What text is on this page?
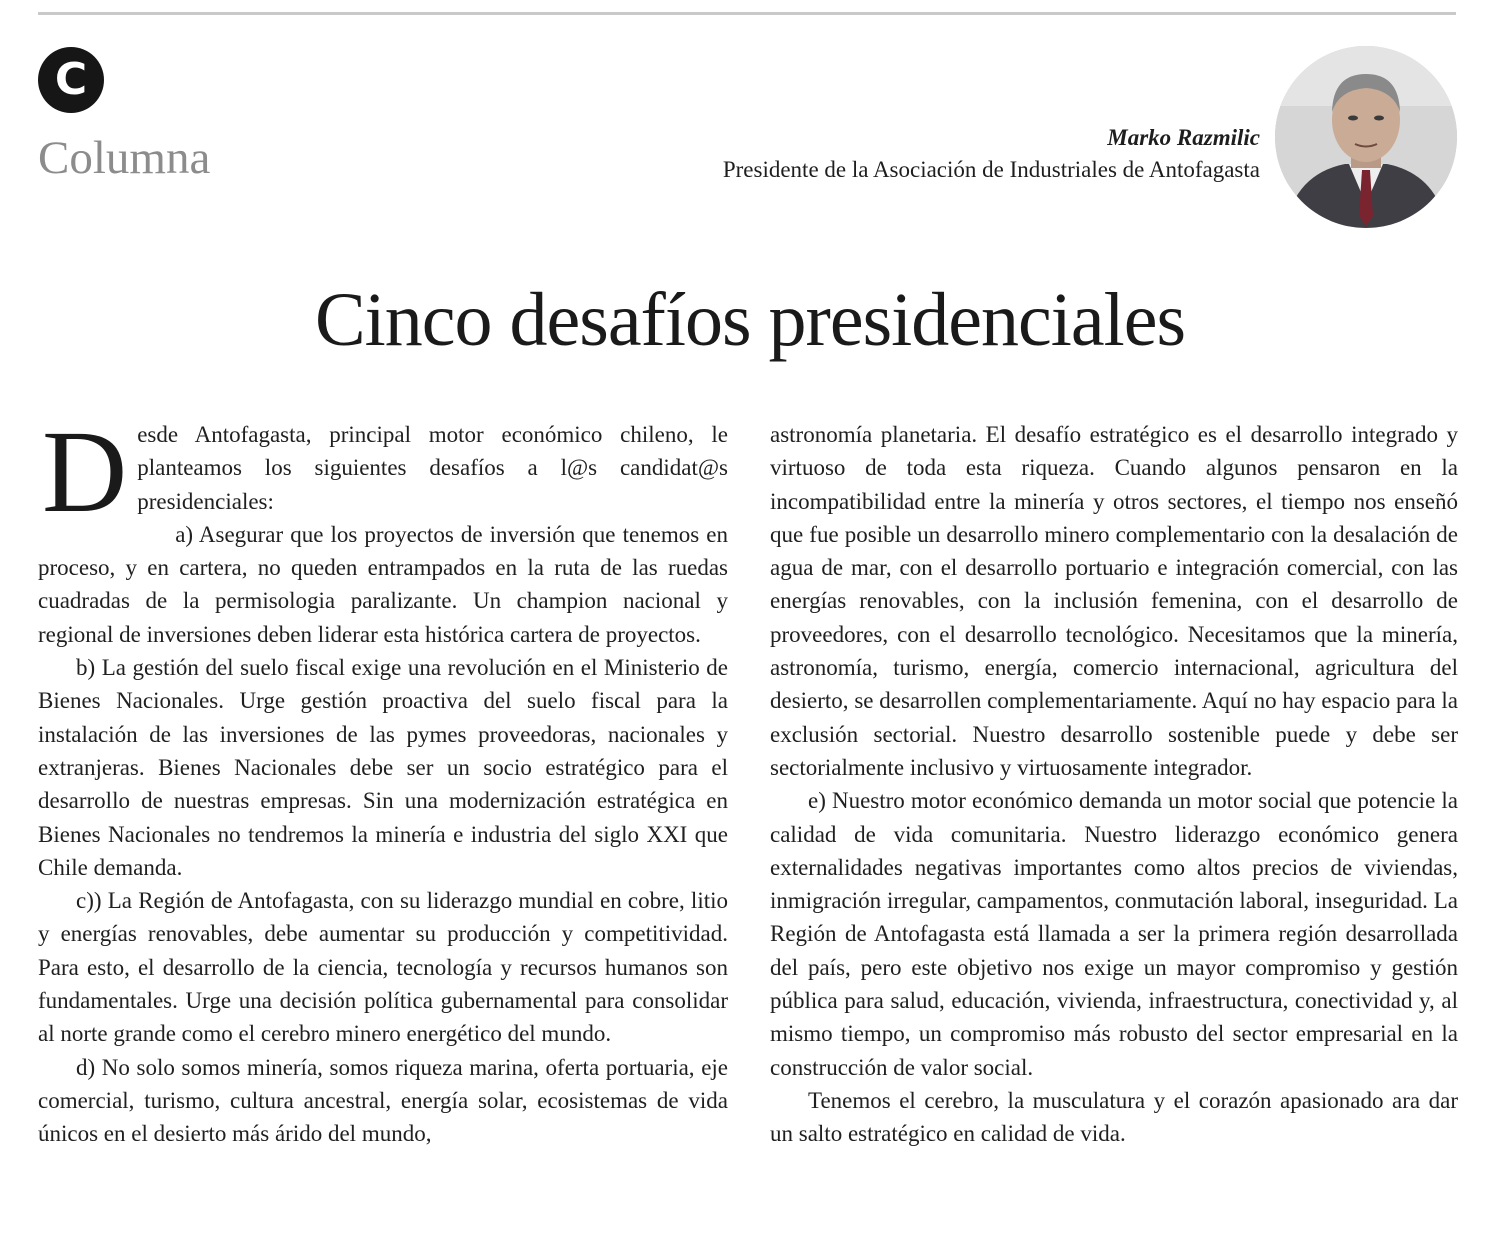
C
Columna	Marko Razmilic
Presidente de la Asociación de Industriales de Antofagasta
Cinco desafíos presidenciales

Desde Antofagasta, principal motor económico chileno, le planteamos los siguientes desafíos a l@s candidat@s presidenciales:

a) Asegurar que los proyectos de inversión que tenemos en proceso, y en cartera, no queden entrampados en la ruta de las ruedas cuadradas de la permisologia paralizante. Un champion nacional y regional de inversiones deben liderar esta histórica cartera de proyectos.

b) La gestión del suelo fiscal exige una revolución en el Ministerio de Bienes Nacionales. Urge gestión proactiva del suelo fiscal para la instalación de las inversiones de las pymes proveedoras, nacionales y extranjeras. Bienes Nacionales debe ser un socio estratégico para el desarrollo de nuestras empresas. Sin una modernización estratégica en Bienes Nacionales no tendremos la minería e industria del siglo XXI que Chile demanda.

c)) La Región de Antofagasta, con su liderazgo mundial en cobre, litio y energías renovables, debe aumentar su producción y competitividad. Para esto, el desarrollo de la ciencia, tecnología y recursos humanos son fundamentales. Urge una decisión política gubernamental para consolidar al norte grande como el cerebro minero energético del mundo.

d) No solo somos minería, somos riqueza marina, oferta portuaria, eje comercial, turismo, cultura ancestral, energía solar, ecosistemas de vida únicos en el desierto más árido del mundo,

astronomía planetaria. El desafío estratégico es el desarrollo integrado y virtuoso de toda esta riqueza. Cuando algunos pensaron en la incompatibilidad entre la minería y otros sectores, el tiempo nos enseñó que fue posible un desarrollo minero complementario con la desalación de agua de mar, con el desarrollo portuario e integración comercial, con las energías renovables, con la inclusión femenina, con el desarrollo de proveedores, con el desarrollo tecnológico. Necesitamos que la minería, astronomía, turismo, energía, comercio internacional, agricultura del desierto, se desarrollen complementariamente. Aquí no hay espacio para la exclusión sectorial. Nuestro desarrollo sostenible puede y debe ser sectorialmente inclusivo y virtuosamente integrador.

e) Nuestro motor económico demanda un motor social que potencie la calidad de vida comunitaria. Nuestro liderazgo económico genera externalidades negativas importantes como altos precios de viviendas, inmigración irregular, campamentos, conmutación laboral, inseguridad. La Región de Antofagasta está llamada a ser la primera región desarrollada del país, pero este objetivo nos exige un mayor compromiso y gestión pública para salud, educación, vivienda, infraestructura, conectividad y, al mismo tiempo, un compromiso más robusto del sector empresarial en la construcción de valor social.

Tenemos el cerebro, la musculatura y el corazón apasionado ara dar un salto estratégico en calidad de vida.
